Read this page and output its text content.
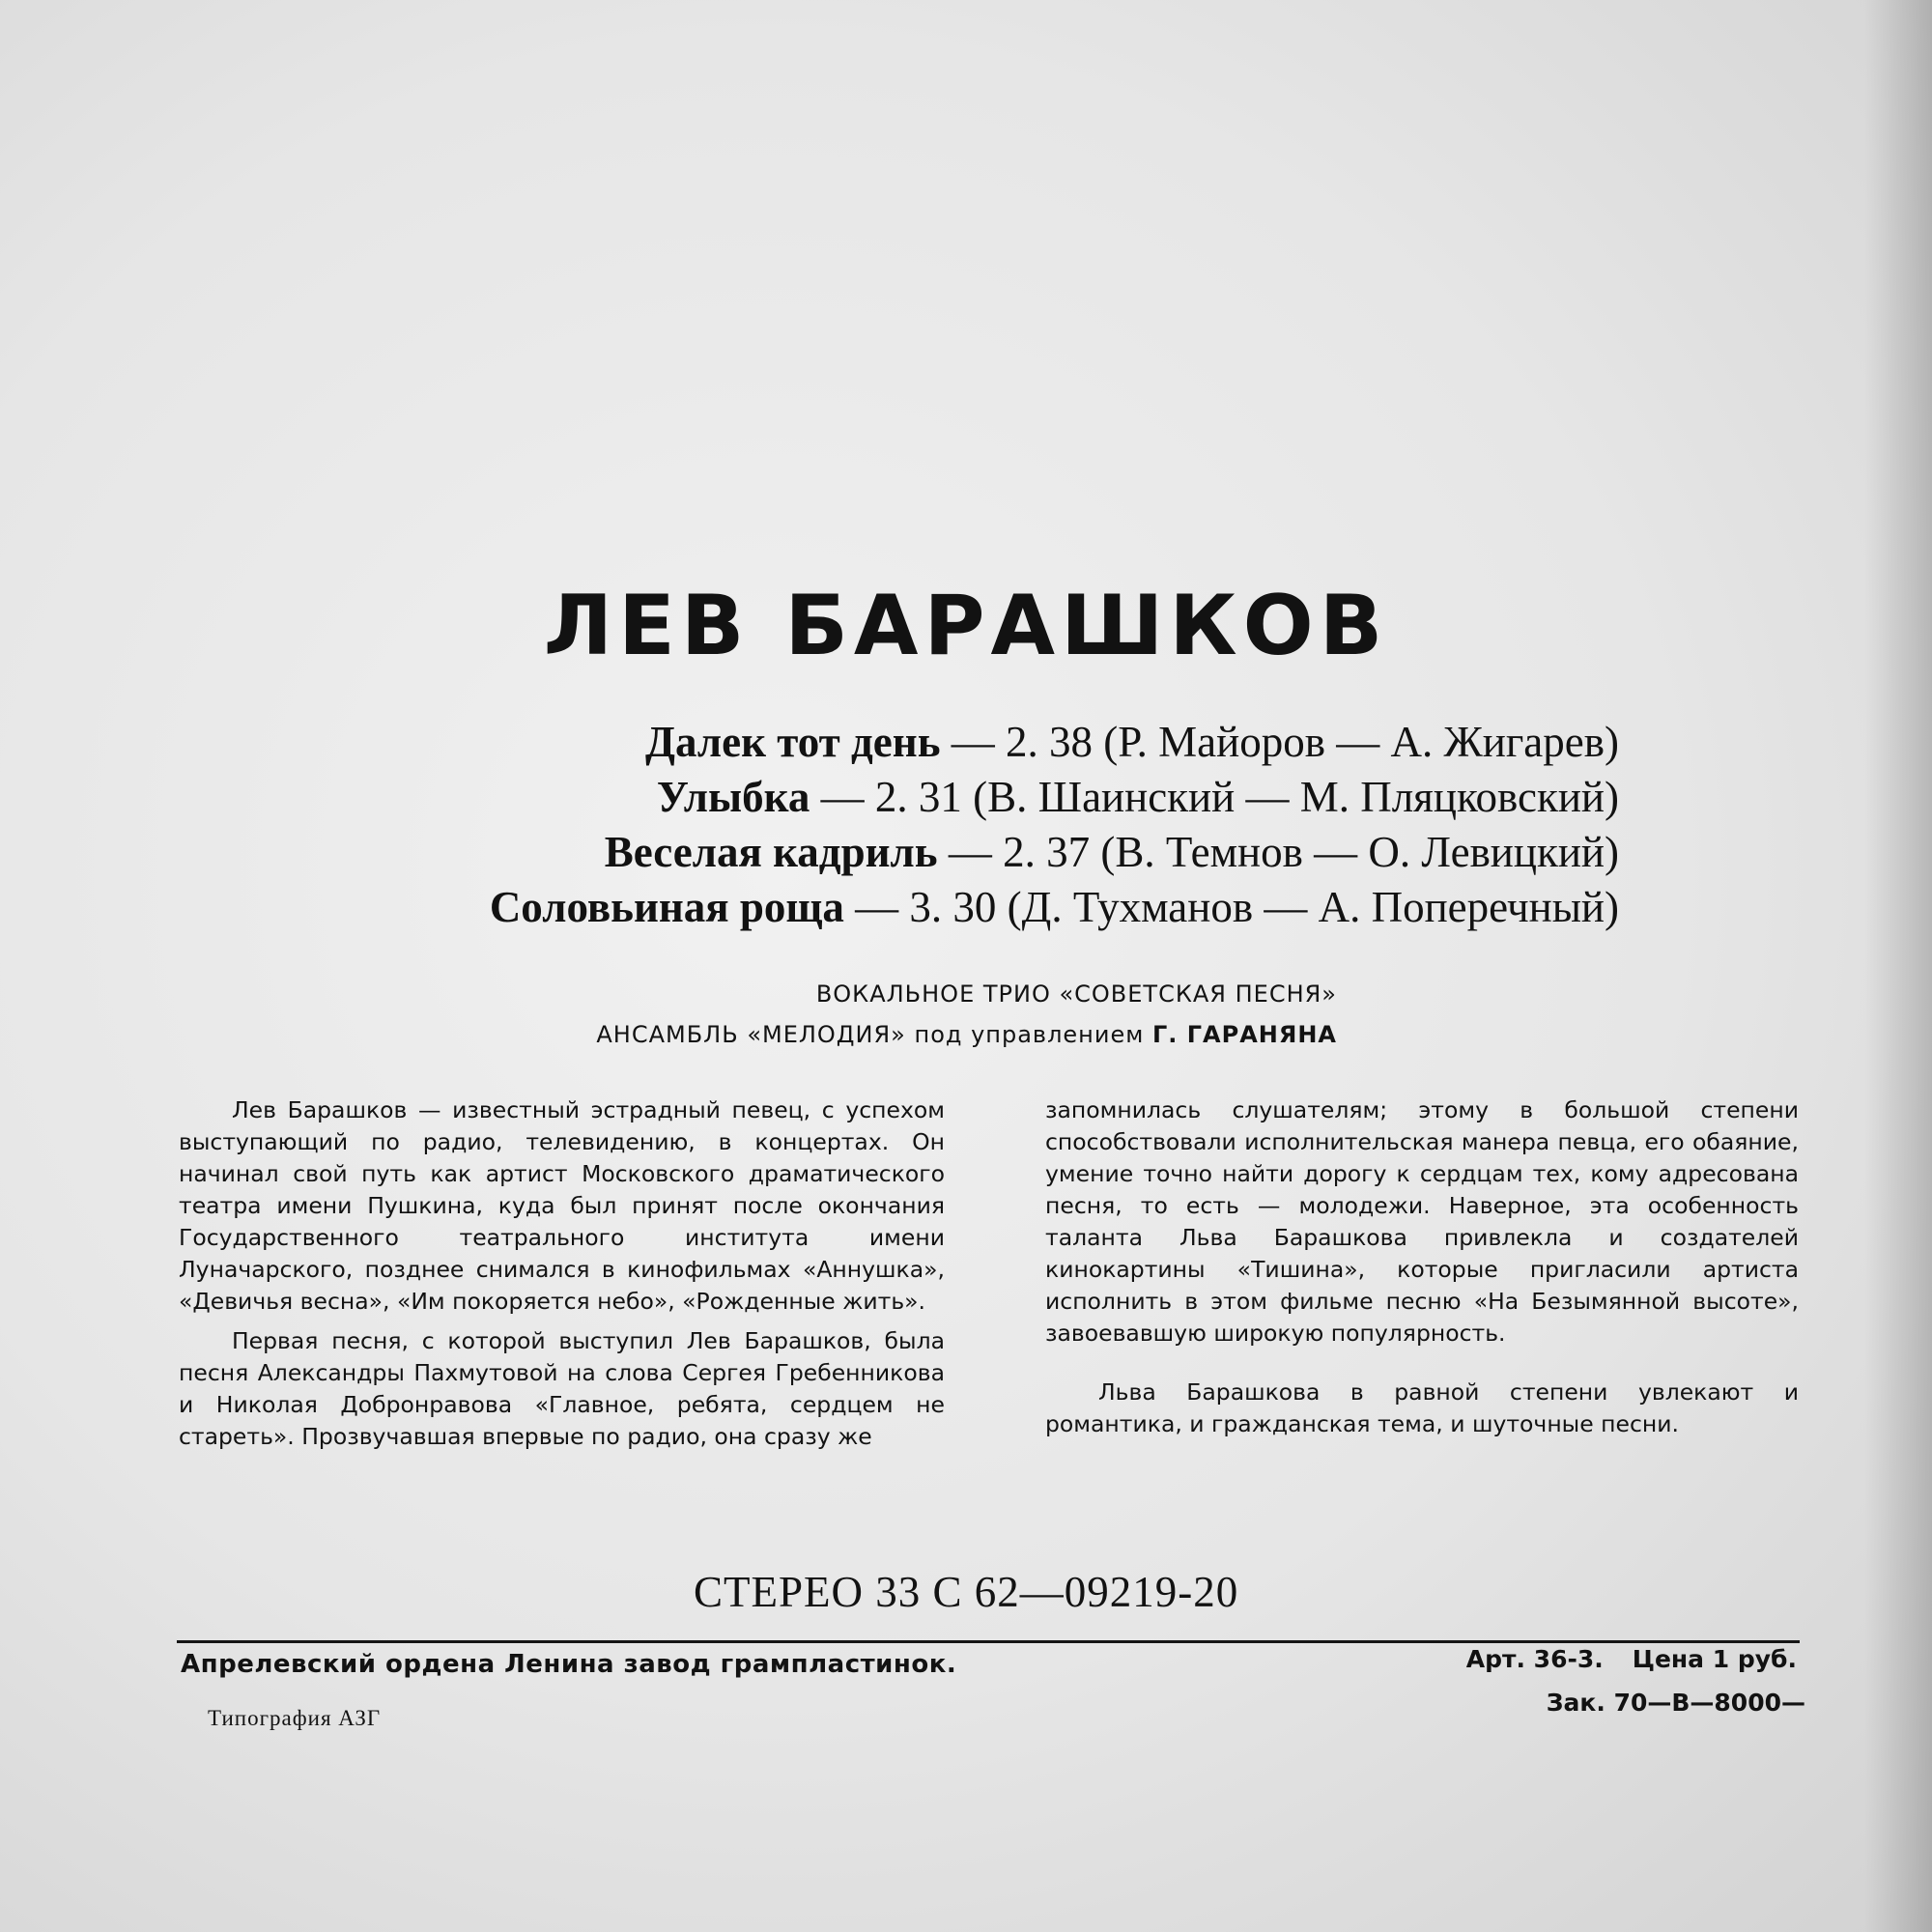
ЛЕВ БАРАШКОВ
Далек тот день — 2. 38 (Р. Майоров — А. Жигарев)
Улыбка — 2. 31 (В. Шаинский — М. Пляцковский)
Веселая кадриль — 2. 37 (В. Темнов — О. Левицкий)
Соловьиная роща — 3. 30 (Д. Тухманов — А. Поперечный)
ВОКАЛЬНОЕ ТРИО «СОВЕТСКАЯ ПЕСНЯ»
АНСАМБЛЬ «МЕЛОДИЯ» под управлением Г. ГАРАНЯНА

Лев Барашков — известный эстрадный певец, с успехом выступающий по радио, телевидению, в концертах. Он начинал свой путь как артист Московского драматического театра имени Пушкина, куда был принят после окончания Государственного театрального института имени Луначарского, позднее снимался в кинофильмах «Аннушка», «Девичья весна», «Им покоряется небо», «Рожденные жить».

Первая песня, с которой выступил Лев Барашков, была песня Александры Пахмутовой на слова Сергея Гребенникова и Николая Добронравова «Главное, ребята, сердцем не стареть». Прозвучавшая впервые по радио, она сразу же

запомнилась слушателям; этому в большой степени способствовали исполнительская манера певца, его обаяние, умение точно найти дорогу к сердцам тех, кому адресована песня, то есть — молодежи. Наверное, эта особенность таланта Льва Барашкова привлекла и создателей кинокартины «Тишина», которые пригласили артиста исполнить в этом фильме песню «На Безымянной высоте», завоевавшую широкую популярность.

Льва Барашкова в равной степени увлекают и романтика, и гражданская тема, и шуточные песни.

СТЕРЕО 33 С 62—09219-20
Апрелевский ордена Ленина завод грампластинок.	Арт. 36-3. Цена 1 руб.
Зак. 70—В—8000—
Типография АЗГ
